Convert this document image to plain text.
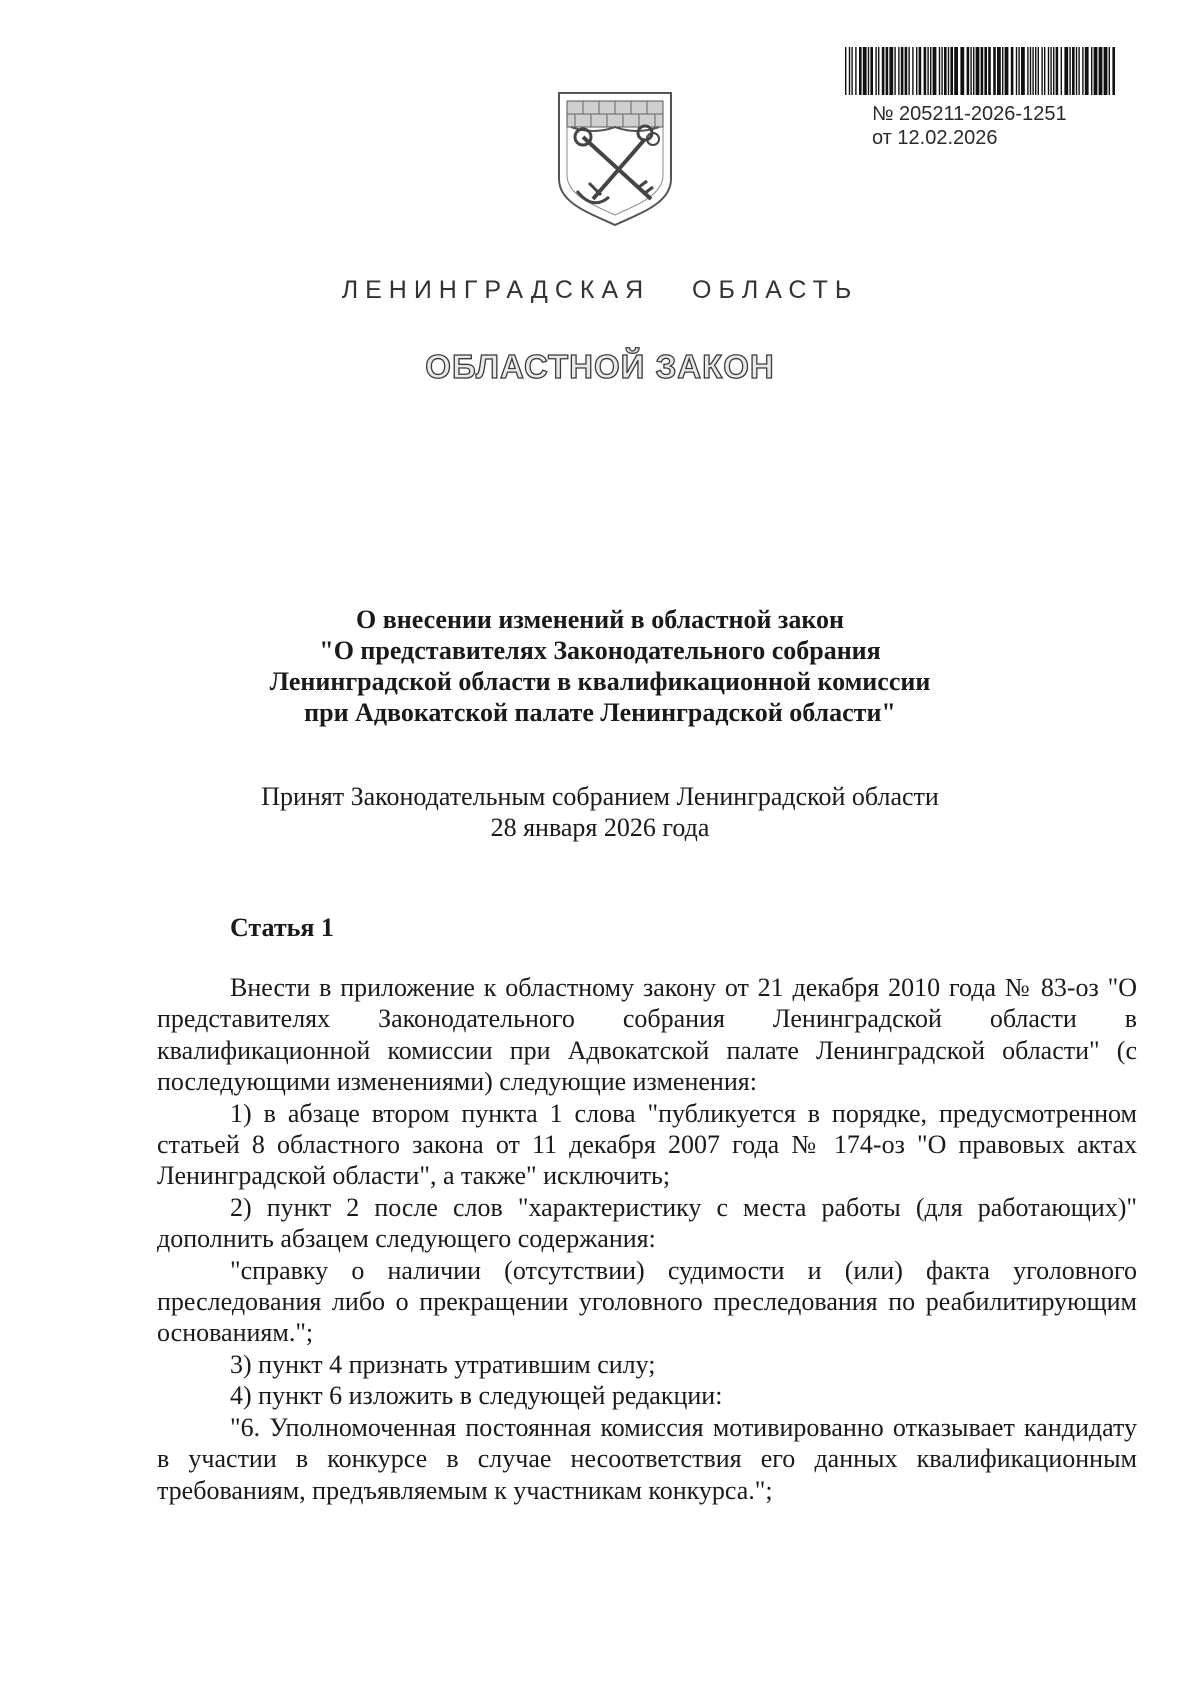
№ 205211-2026-1251
от 12.02.2026
ЛЕНИНГРАДСКАЯ   ОБЛАСТЬ
ОБЛАСТНОЙ ЗАКОН
О внесении изменений в областной закон
"О представителях Законодательного собрания
Ленинградской области в квалификационной комиссии
при Адвокатской палате Ленинградской области"
Принят Законодательным собранием Ленинградской области
28 января 2026 года
Статья 1

Внести в приложение к областному закону от 21 декабря 2010 года № 83-оз "О представителях Законодательного собрания Ленинградской области в квалификационной комиссии при Адвокатской палате Ленинградской области" (с последующими изменениями) следующие изменения:

1) в абзаце втором пункта 1 слова "публикуется в порядке, предусмотренном статьей 8 областного закона от 11 декабря 2007 года № 174-оз "О правовых актах Ленинградской области", а также" исключить;

2) пункт 2 после слов "характеристику с места работы (для работающих)" дополнить абзацем следующего содержания:

"справку о наличии (отсутствии) судимости и (или) факта уголовного преследования либо о прекращении уголовного преследования по реабилитирующим основаниям.";

3) пункт 4 признать утратившим силу;

4) пункт 6 изложить в следующей редакции:

"6. Уполномоченная постоянная комиссия мотивированно отказывает кандидату в участии в конкурсе в случае несоответствия его данных квалификационным требованиям, предъявляемым к участникам конкурса.";
